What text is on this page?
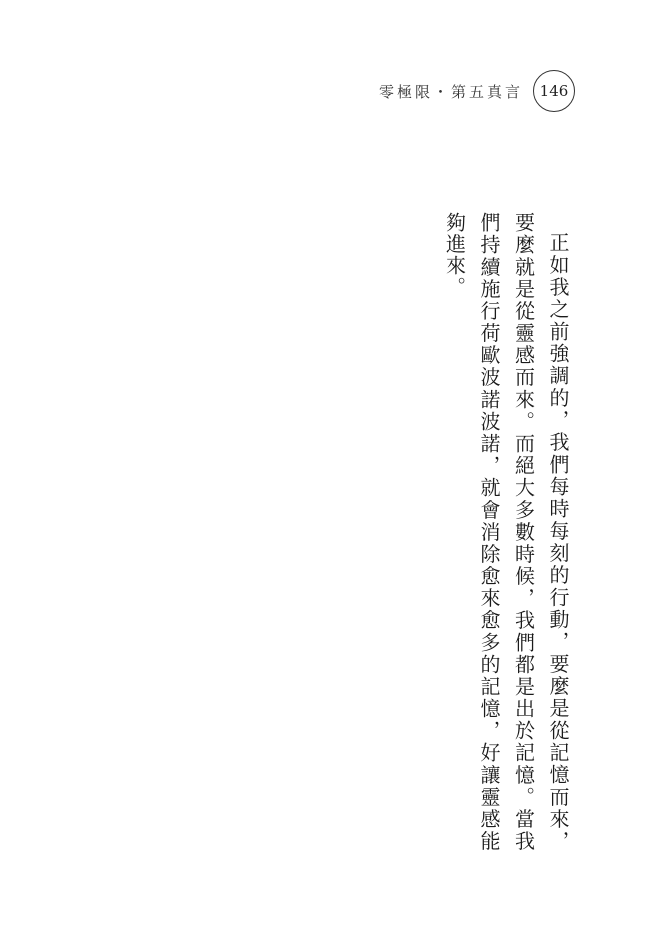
零極限・第五真言	146

正如我之前強調的，我們每時每刻的行動，要麼是從記憶而來，要麼就是從靈感而來。而絕大多數時候，我們都是出於記憶。當我們持續施行荷歐波諾波諾，就會消除愈來愈多的記憶，好讓靈感能夠進來。
